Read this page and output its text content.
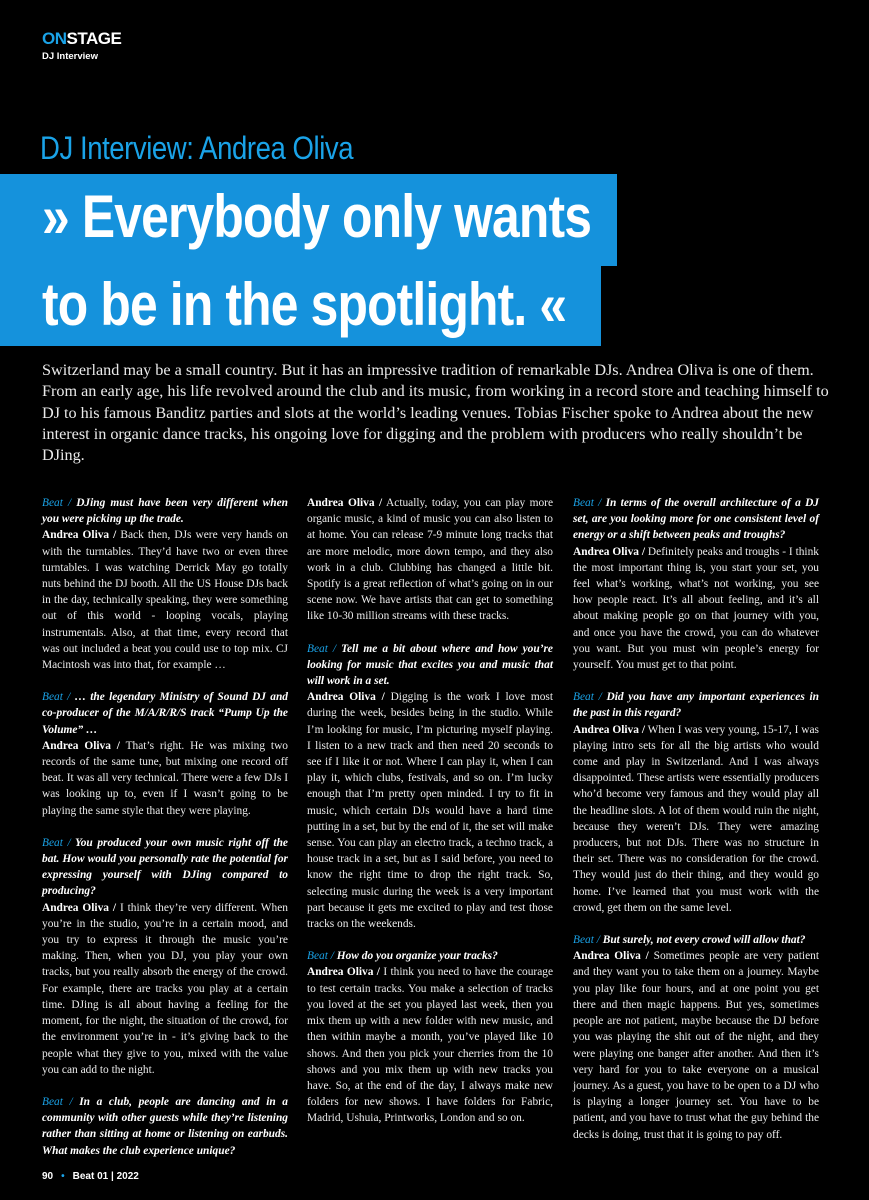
ONSTAGE
DJ Interview
DJ Interview: Andrea Oliva
» Everybody only wants
to be in the spotlight. «
Switzerland may be a small country. But it has an impressive tradition of remarkable DJs. Andrea Oliva is one of them. From an early age, his life revolved around the club and its music, from working in a record store and teaching himself to DJ to his famous Banditz parties and slots at the world’s leading venues. Tobias Fischer spoke to Andrea about the new interest in organic dance tracks, his ongoing love for digging and the problem with producers who really shouldn’t be DJing.

Beat / DJing must have been very different when you were picking up the trade.

Andrea Oliva / Back then, DJs were very hands on with the turntables. They’d have two or even three turntables. I was watching Derrick May go totally nuts behind the DJ booth. All the US House DJs back in the day, technically speaking, they were something out of this world - looping vocals, playing instrumentals. Also, at that time, every record that was out included a beat you could use to top mix. CJ Macintosh was into that, for example …

Beat / … the legendary Ministry of Sound DJ and co-producer of the M/A/R/R/S track “Pump Up the Volume” …

Andrea Oliva / That’s right. He was mixing two records of the same tune, but mixing one record off beat. It was all very technical. There were a few DJs I was looking up to, even if I wasn’t going to be playing the same style that they were playing.

Beat / You produced your own music right off the bat. How would you personally rate the potential for expressing yourself with DJing compared to producing?

Andrea Oliva / I think they’re very different. When you’re in the studio, you’re in a certain mood, and you try to express it through the music you’re making. Then, when you DJ, you play your own tracks, but you really absorb the energy of the crowd. For example, there are tracks you play at a certain time. DJing is all about having a feeling for the moment, for the night, the situation of the crowd, for the environment you’re in - it’s giving back to the people what they give to you, mixed with the value you can add to the night.

Beat / In a club, people are dancing and in a community with other guests while they’re listening rather than sitting at home or listening on earbuds. What makes the club experience unique?

Andrea Oliva / Actually, today, you can play more organic music, a kind of music you can also listen to at home. You can release 7-9 minute long tracks that are more melodic, more down tempo, and they also work in a club. Clubbing has changed a little bit. Spotify is a great reflection of what’s going on in our scene now. We have artists that can get to something like 10-30 million streams with these tracks.

Beat / Tell me a bit about where and how you’re looking for music that excites you and music that will work in a set.

Andrea Oliva / Digging is the work I love most during the week, besides being in the studio. While I’m looking for music, I’m picturing myself playing. I listen to a new track and then need 20 seconds to see if I like it or not. Where I can play it, when I can play it, which clubs, festivals, and so on. I’m lucky enough that I’m pretty open minded. I try to fit in music, which certain DJs would have a hard time putting in a set, but by the end of it, the set will make sense. You can play an electro track, a techno track, a house track in a set, but as I said before, you need to know the right time to drop the right track. So, selecting music during the week is a very important part because it gets me excited to play and test those tracks on the weekends.

Beat / How do you organize your tracks?

Andrea Oliva / I think you need to have the courage to test certain tracks. You make a selection of tracks you loved at the set you played last week, then you mix them up with a new folder with new music, and then within maybe a month, you’ve played like 10 shows. And then you pick your cherries from the 10 shows and you mix them up with new tracks you have. So, at the end of the day, I always make new folders for new shows. I have folders for Fabric, Madrid, Ushuia, Printworks, London and so on.

Beat / In terms of the overall architecture of a DJ set, are you looking more for one consistent level of energy or a shift between peaks and troughs?

Andrea Oliva / Definitely peaks and troughs - I think the most important thing is, you start your set, you feel what’s working, what’s not working, you see how people react. It’s all about feeling, and it’s all about making people go on that journey with you, and once you have the crowd, you can do whatever you want. But you must win people’s energy for yourself. You must get to that point.

Beat / Did you have any important experiences in the past in this regard?

Andrea Oliva / When I was very young, 15-17, I was playing intro sets for all the big artists who would come and play in Switzerland. And I was always disappointed. These artists were essentially producers who’d become very famous and they would play all the headline slots. A lot of them would ruin the night, because they weren’t DJs. They were amazing producers, but not DJs. There was no structure in their set. There was no consideration for the crowd. They would just do their thing, and they would go home. I’ve learned that you must work with the crowd, get them on the same level.

Beat / But surely, not every crowd will allow that?

Andrea Oliva / Sometimes people are very patient and they want you to take them on a journey. Maybe you play like four hours, and at one point you get there and then magic happens. But yes, sometimes people are not patient, maybe because the DJ before you was playing the shit out of the night, and they were playing one banger after another. And then it’s very hard for you to take everyone on a musical journey. As a guest, you have to be open to a DJ who is playing a longer journey set. You have to be patient, and you have to trust what the guy behind the decks is doing, trust that it is going to pay off.

90 • Beat 01 | 2022
